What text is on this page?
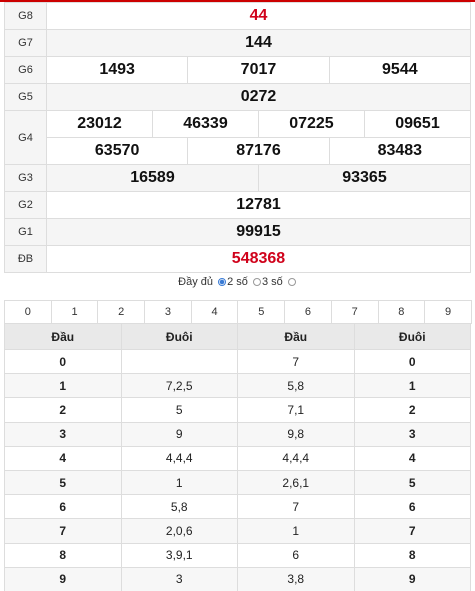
G8	44					
G7	144					
G6	1493		7017		9544	
G5	0272					
G4	23012	46339		07225		09651
	63570		87176		83483	
G3	16589			93365		
G2	12781					
G1	99915					
ĐB	548368					
Đầy đủ 2 số 3 số
0	1	2	3	4	5	6	7	8	9
Đầu	Đuôi	Đầu	Đuôi
0		7	0
1	7,2,5	5,8	1
2	5	7,1	2
3	9	9,8	3
4	4,4,4	4,4,4	4
5	1	2,6,1	5
6	5,8	7	6
7	2,0,6	1	7
8	3,9,1	6	8
9	3	3,8	9
